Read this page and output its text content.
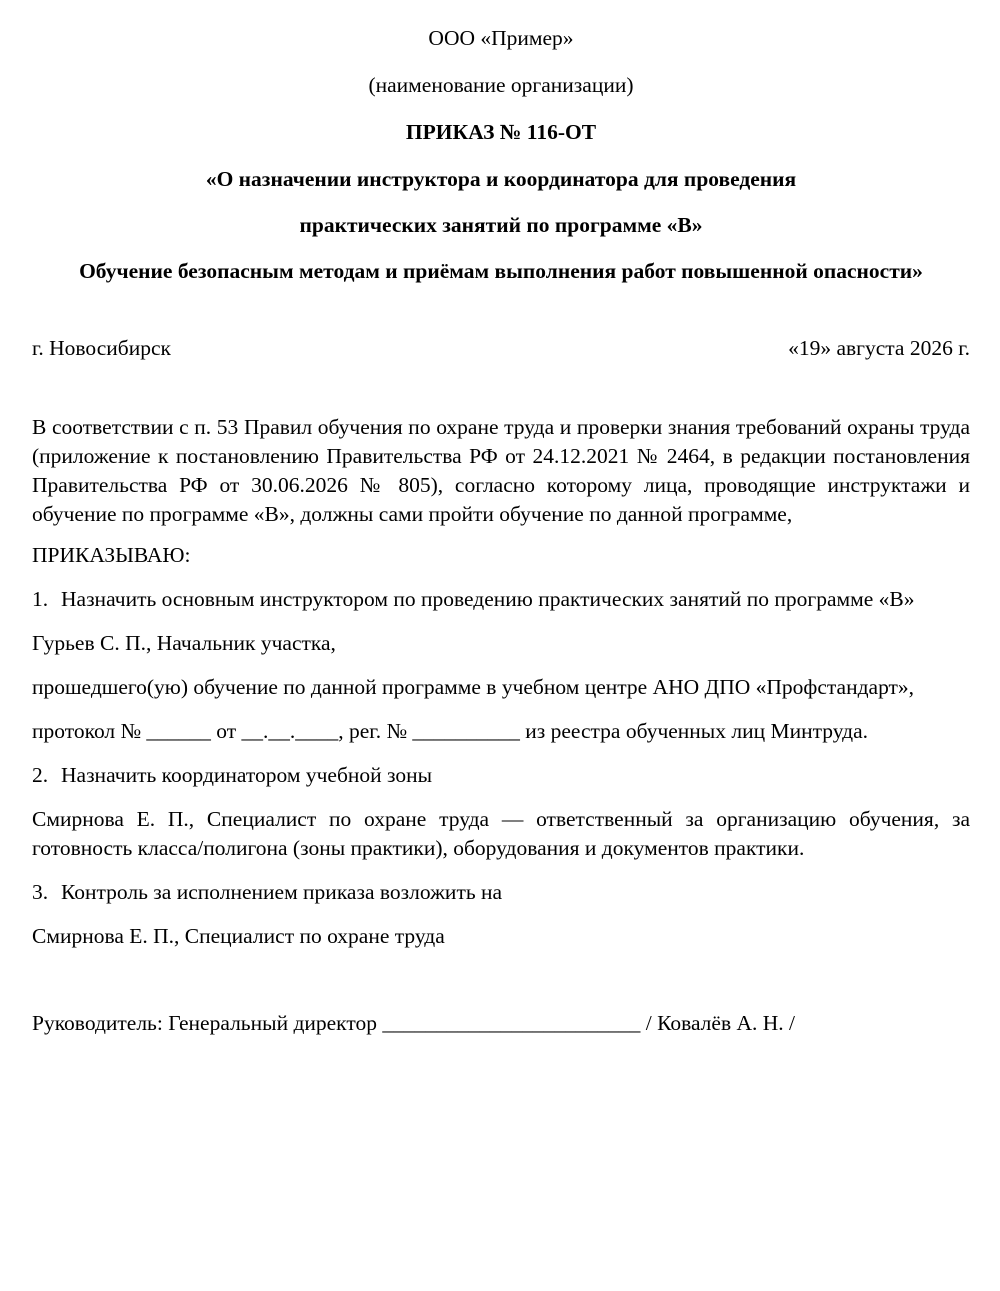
ООО «Пример»
(наименование организации)
ПРИКАЗ № 116-ОТ
«О назначении инструктора и координатора для проведения
практических занятий по программе «В»
Обучение безопасным методам и приёмам выполнения работ повышенной опасности»
г. Новосибирск	«19» августа 2026 г.
В соответствии с п. 53 Правил обучения по охране труда и проверки знания требований охраны труда (приложение к постановлению Правительства РФ от 24.12.2021 № 2464, в редакции постановления Правительства РФ от 30.06.2026 № 805), согласно которому лица, проводящие инструктажи и обучение по программе «В», должны сами пройти обучение по данной программе,
ПРИКАЗЫВАЮ:
1. Назначить основным инструктором по проведению практических занятий по программе «В»
Гурьев С. П., Начальник участка,
прошедшего(ую) обучение по данной программе в учебном центре АНО ДПО «Профстандарт»,
протокол № ______ от __.__.____, рег. № __________ из реестра обученных лиц Минтруда.
2. Назначить координатором учебной зоны
Смирнова Е. П., Специалист по охране труда — ответственный за организацию обучения, за готовность класса/полигона (зоны практики), оборудования и документов практики.
3. Контроль за исполнением приказа возложить на
Смирнова Е. П., Специалист по охране труда
Руководитель: Генеральный директор ________________________ / Ковалёв А. Н. /
